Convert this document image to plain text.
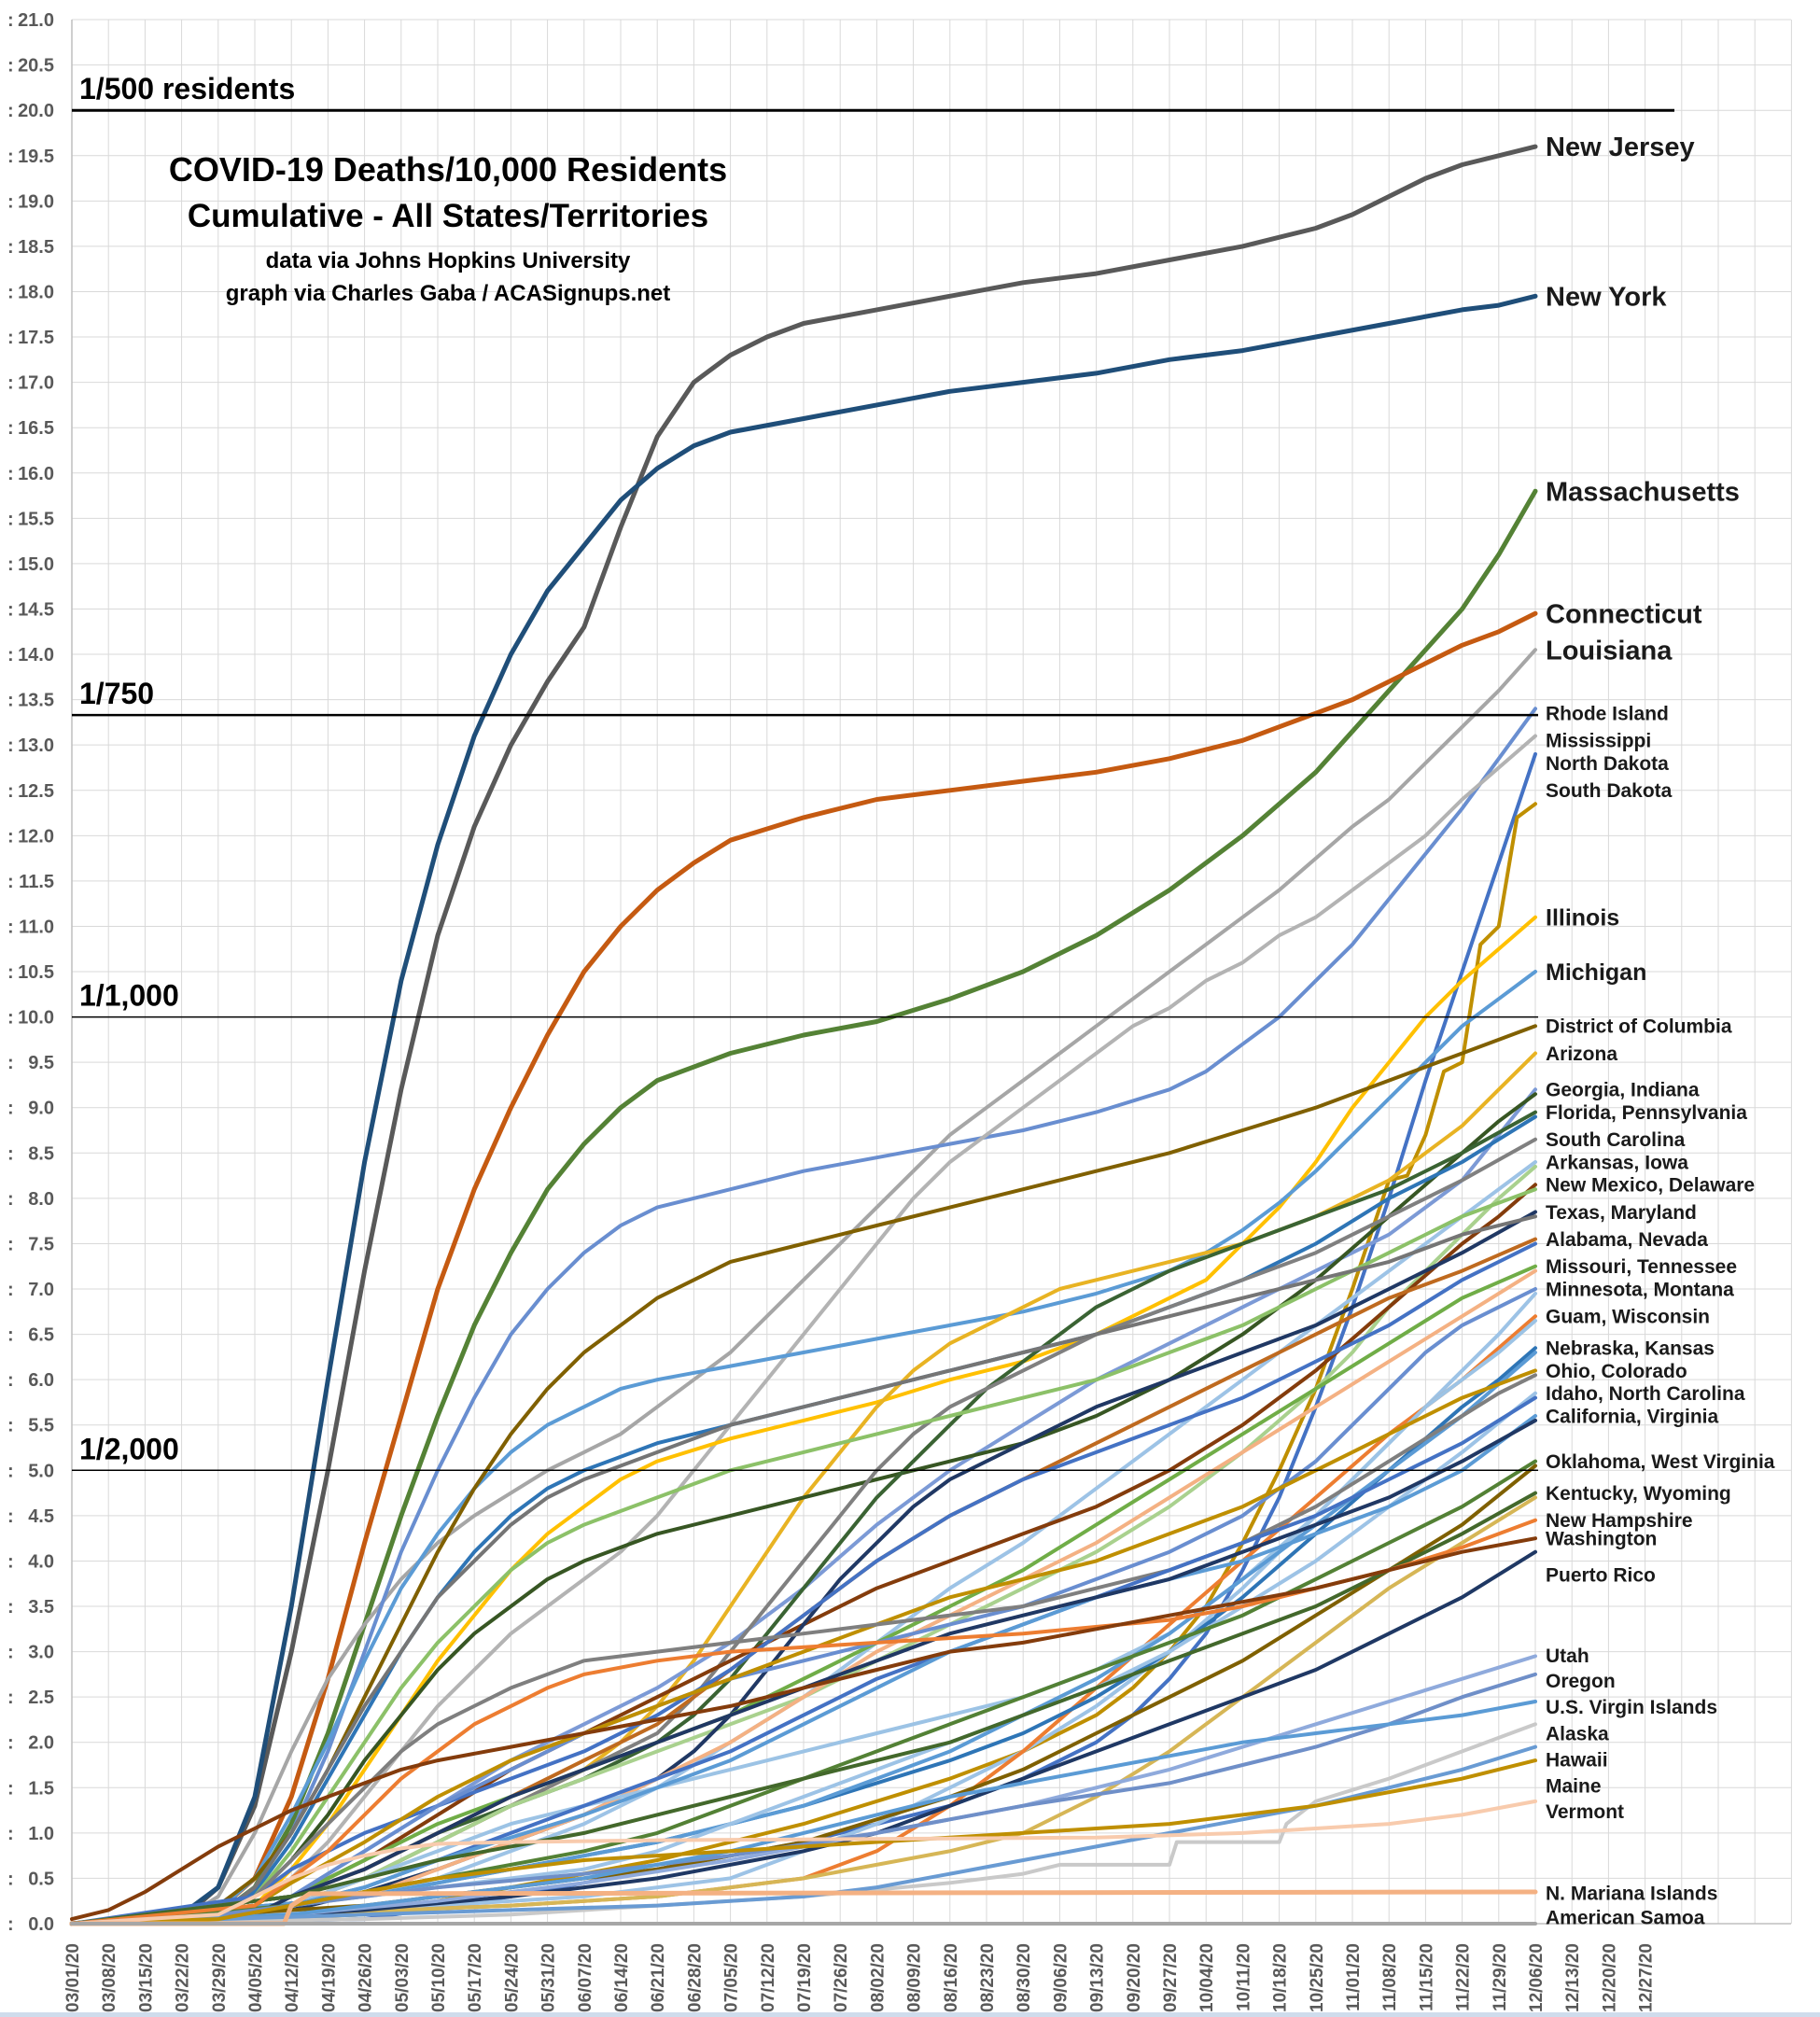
21.0
:
20.5
:
20.0
:
19.5
:
19.0
:
18.5
:
18.0
:
17.5
:
17.0
:
16.5
:
16.0
:
15.5
:
15.0
:
14.5
:
14.0
:
13.5
:
13.0
:
12.5
:
12.0
:
11.5
:
11.0
:
10.5
:
10.0
:
9.5
:
9.0
:
8.5
:
8.0
:
7.5
:
7.0
:
6.5
:
6.0
:
5.5
:
5.0
:
4.5
:
4.0
:
3.5
:
3.0
:
2.5
:
2.0
:
1.5
:
1.0
:
0.5
:
0.0
:
03/01/20 03/08/20 03/15/20 03/22/20 03/29/20 04/05/20 04/12/20 04/19/20 04/26/20 05/03/20 05/10/20 05/17/20 05/24/20 05/31/20 06/07/20 06/14/20 06/21/20 06/28/20 07/05/20 07/12/20 07/19/20 07/26/20 08/02/20 08/09/20 08/16/20 08/23/20 08/30/20 09/06/20 09/13/20 09/20/20 09/27/20 10/04/20 10/11/20 10/18/20 10/25/20 11/01/20 11/08/20 11/15/20 11/22/20 11/29/20 12/06/20 12/13/20 12/20/20 12/27/20
1/500 residents
1/750
1/1,000
1/2,000
New Jersey
New York
Massachusetts
Connecticut
Louisiana
Rhode Island
Mississippi
North Dakota
South Dakota
Illinois
Michigan
District of Columbia
Arizona
Georgia, Indiana
Florida, Pennsylvania
South Carolina
Arkansas, Iowa
New Mexico, Delaware
Texas, Maryland
Alabama, Nevada
Missouri, Tennessee
Minnesota, Montana
Guam, Wisconsin
Nebraska, Kansas
Ohio, Colorado
Idaho, North Carolina
California, Virginia
Oklahoma, West Virginia
Kentucky, Wyoming
New Hampshire
Washington
Puerto Rico
Utah
Oregon
U.S. Virgin Islands
Alaska
Hawaii
Maine
Vermont
N. Mariana Islands
American Samoa
COVID-19 Deaths/10,000 Residents
Cumulative - All States/Territories
data via Johns Hopkins University
graph via Charles Gaba / ACASignups.net
